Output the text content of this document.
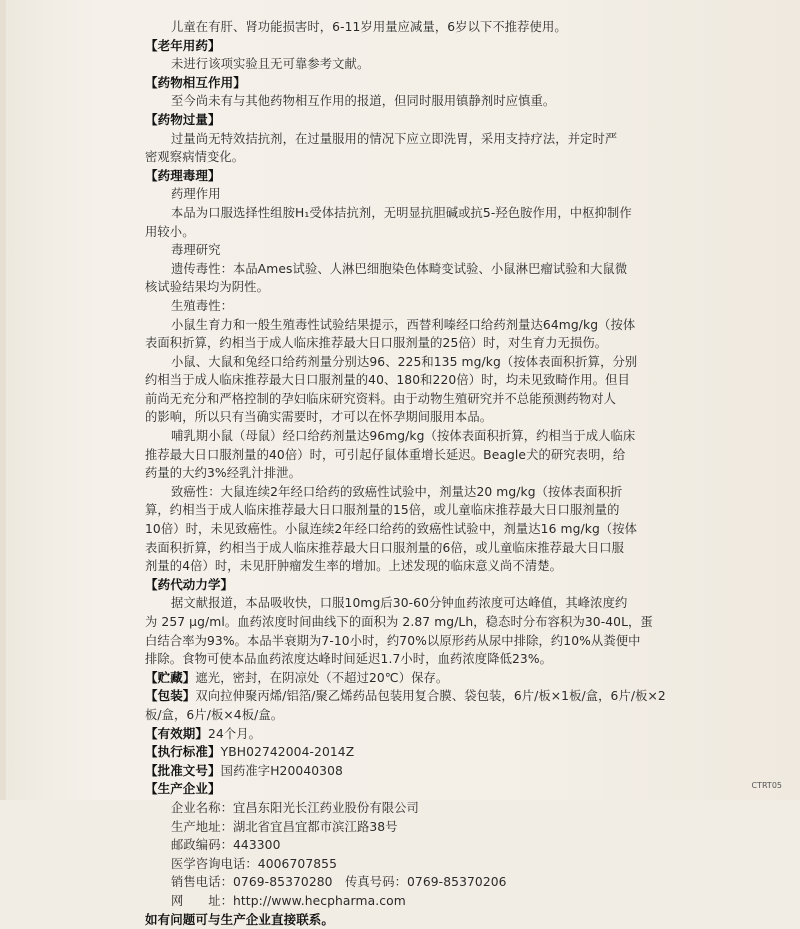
儿童在有肝、肾功能损害时，6-11岁用量应减量，6岁以下不推荐使用。
【老年用药】
未进行该项实验且无可靠参考文献。
【药物相互作用】
至今尚未有与其他药物相互作用的报道，但同时服用镇静剂时应慎重。
【药物过量】
过量尚无特效拮抗剂，在过量服用的情况下应立即洗胃，采用支持疗法，并定时严
密观察病情变化。
【药理毒理】
药理作用
本品为口服选择性组胺H₁受体拮抗剂，无明显抗胆碱或抗5-羟色胺作用，中枢抑制作
用较小。
毒理研究
遗传毒性：本品Ames试验、人淋巴细胞染色体畸变试验、小鼠淋巴瘤试验和大鼠微
核试验结果均为阴性。
生殖毒性：
小鼠生育力和一般生殖毒性试验结果提示，西替利嗪经口给药剂量达64mg/kg（按体
表面积折算，约相当于成人临床推荐最大日口服剂量的25倍）时，对生育力无损伤。
小鼠、大鼠和兔经口给药剂量分别达96、225和135 mg/kg（按体表面积折算，分别
约相当于成人临床推荐最大日口服剂量的40、180和220倍）时，均未见致畸作用。但目
前尚无充分和严格控制的孕妇临床研究资料。由于动物生殖研究并不总能预测药物对人
的影响，所以只有当确实需要时，才可以在怀孕期间服用本品。
哺乳期小鼠（母鼠）经口给药剂量达96mg/kg（按体表面积折算，约相当于成人临床
推荐最大日口服剂量的40倍）时，可引起仔鼠体重增长延迟。Beagle犬的研究表明，给
药量的大约3%经乳汁排泄。
致癌性：大鼠连续2年经口给药的致癌性试验中，剂量达20 mg/kg（按体表面积折
算，约相当于成人临床推荐最大日口服剂量的15倍，或儿童临床推荐最大日口服剂量的
10倍）时，未见致癌性。小鼠连续2年经口给药的致癌性试验中，剂量达16 mg/kg（按体
表面积折算，约相当于成人临床推荐最大日口服剂量的6倍，或儿童临床推荐最大日口服
剂量的4倍）时，未见肝肿瘤发生率的增加。上述发现的临床意义尚不清楚。
【药代动力学】
据文献报道，本品吸收快，口服10mg后30-60分钟血药浓度可达峰值，其峰浓度约
为 257 μg/ml。血药浓度时间曲线下的面积为 2.87 mg/Lh，稳态时分布容积为30-40L，蛋
白结合率为93%。本品半衰期为7-10小时，约70%以原形药从尿中排除，约10%从粪便中
排除。食物可使本品血药浓度达峰时间延迟1.7小时，血药浓度降低23%。
【贮藏】遮光，密封，在阴凉处（不超过20℃）保存。
【包装】双向拉伸聚丙烯/铝箔/聚乙烯药品包装用复合膜、袋包装，6片/板×1板/盒，6片/板×2
板/盒，6片/板×4板/盒。
【有效期】24个月。
【执行标准】YBH02742004-2014Z
【批准文号】国药准字H20040308
【生产企业】
企业名称：宜昌东阳光长江药业股份有限公司
生产地址：湖北省宜昌宜都市滨江路38号
邮政编码：443300
医学咨询电话：4006707855
销售电话：0769-85370280　传真号码：0769-85370206
网　　址：http://www.hecpharma.com
如有问题可与生产企业直接联系。
CTRT05
